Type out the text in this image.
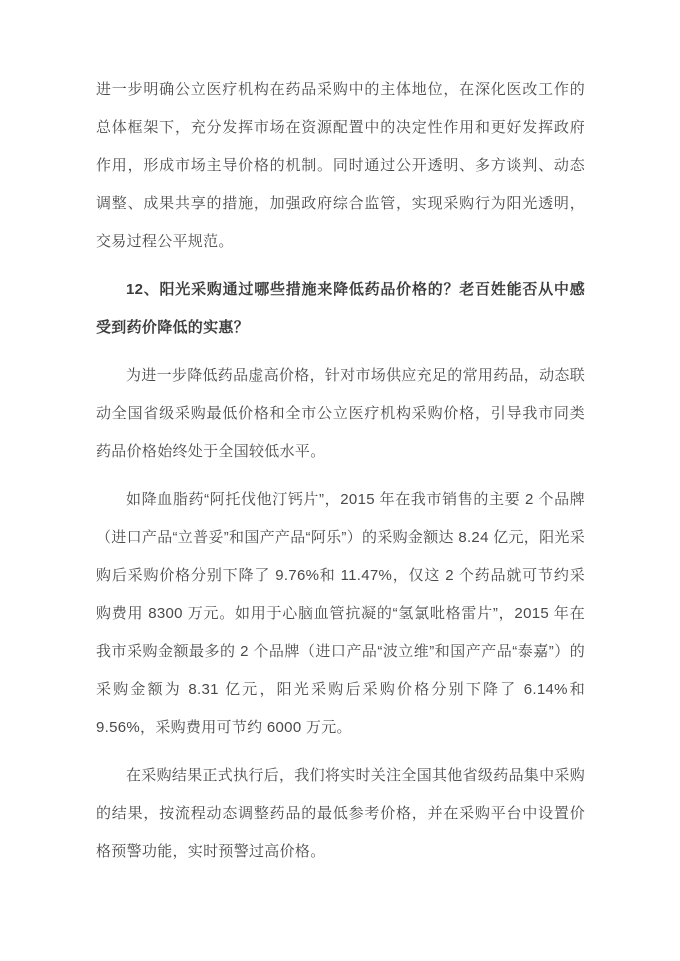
进一步明确公立医疗机构在药品采购中的主体地位，在深化医改工作的总体框架下，充分发挥市场在资源配置中的决定性作用和更好发挥政府作用，形成市场主导价格的机制。同时通过公开透明、多方谈判、动态调整、成果共享的措施，加强政府综合监管，实现采购行为阳光透明，交易过程公平规范。

12、阳光采购通过哪些措施来降低药品价格的？老百姓能否从中感受到药价降低的实惠？

为进一步降低药品虚高价格，针对市场供应充足的常用药品，动态联动全国省级采购最低价格和全市公立医疗机构采购价格，引导我市同类药品价格始终处于全国较低水平。

如降血脂药“阿托伐他汀钙片”，2015 年在我市销售的主要 2 个品牌（进口产品“立普妥”和国产产品“阿乐”）的采购金额达 8.24 亿元，阳光采购后采购价格分别下降了 9.76%和 11.47%，仅这 2 个药品就可节约采购费用 8300 万元。如用于心脑血管抗凝的“氢氯吡格雷片”，2015 年在我市采购金额最多的 2 个品牌（进口产品“波立维”和国产产品“泰嘉”）的采购金额为 8.31 亿元，阳光采购后采购价格分别下降了 6.14%和 9.56%，采购费用可节约 6000 万元。

在采购结果正式执行后，我们将实时关注全国其他省级药品集中采购的结果，按流程动态调整药品的最低参考价格，并在采购平台中设置价格预警功能，实时预警过高价格。
